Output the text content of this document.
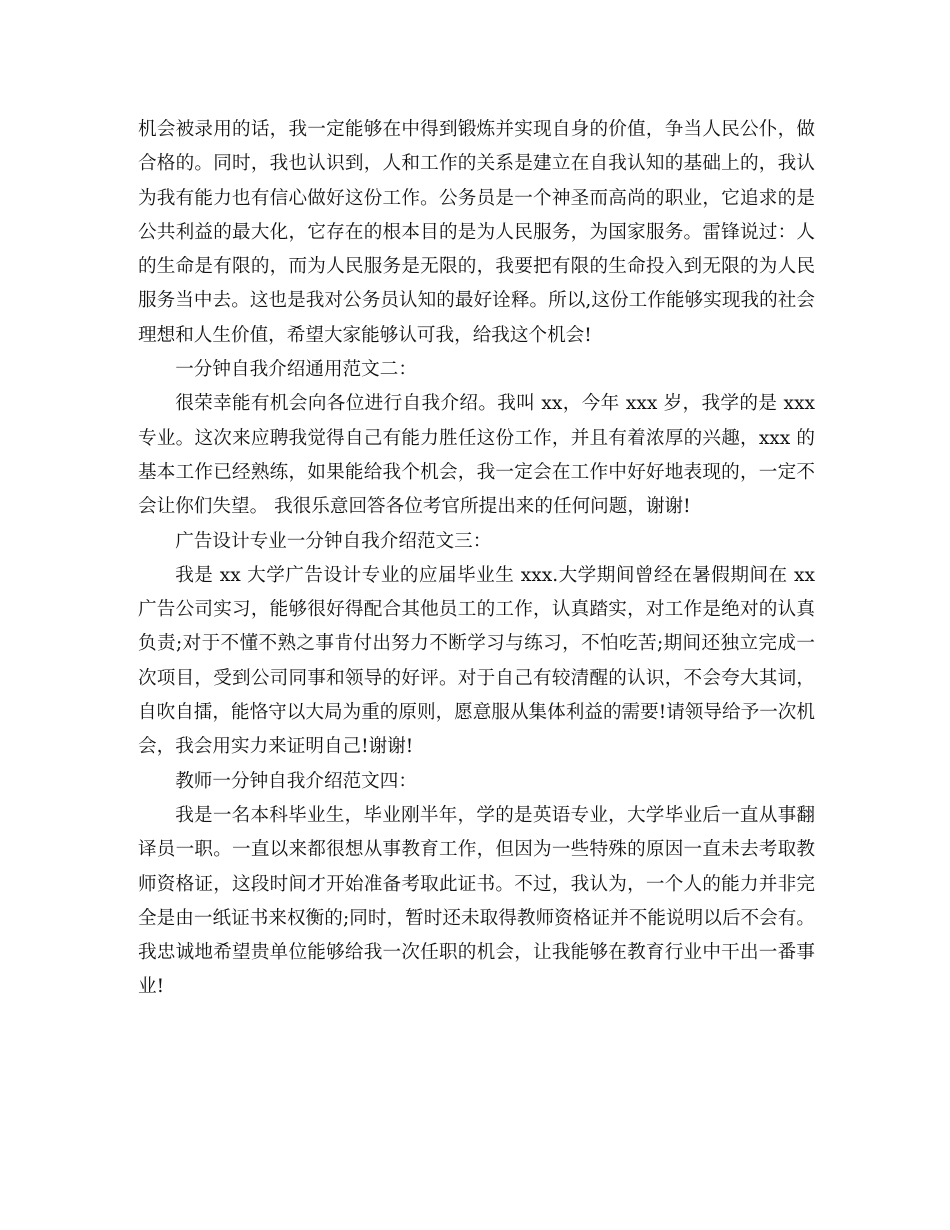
机会被录用的话，我一定能够在中得到锻炼并实现自身的价值，争当人民公仆，做合格的。同时，我也认识到，人和工作的关系是建立在自我认知的基础上的，我认为我有能力也有信心做好这份工作。公务员是一个神圣而高尚的职业，它追求的是公共利益的最大化，它存在的根本目的是为人民服务，为国家服务。雷锋说过：人的生命是有限的，而为人民服务是无限的，我要把有限的生命投入到无限的为人民服务当中去。这也是我对公务员认知的最好诠释。所以,这份工作能够实现我的社会理想和人生价值，希望大家能够认可我，给我这个机会!

一分钟自我介绍通用范文二：

很荣幸能有机会向各位进行自我介绍。我叫 xx，今年 xxx 岁，我学的是 xxx 专业。这次来应聘我觉得自己有能力胜任这份工作，并且有着浓厚的兴趣，xxx 的基本工作已经熟练，如果能给我个机会，我一定会在工作中好好地表现的，一定不会让你们失望。 我很乐意回答各位考官所提出来的任何问题，谢谢!

广告设计专业一分钟自我介绍范文三：

我是 xx 大学广告设计专业的应届毕业生 xxx.大学期间曾经在暑假期间在 xx 广告公司实习，能够很好得配合其他员工的工作，认真踏实，对工作是绝对的认真负责;对于不懂不熟之事肯付出努力不断学习与练习，不怕吃苦;期间还独立完成一次项目，受到公司同事和领导的好评。对于自己有较清醒的认识，不会夸大其词，自吹自擂，能恪守以大局为重的原则，愿意服从集体利益的需要!请领导给予一次机会，我会用实力来证明自己!谢谢!

教师一分钟自我介绍范文四：

我是一名本科毕业生，毕业刚半年，学的是英语专业，大学毕业后一直从事翻译员一职。一直以来都很想从事教育工作，但因为一些特殊的原因一直未去考取教师资格证，这段时间才开始准备考取此证书。不过，我认为，一个人的能力并非完全是由一纸证书来权衡的;同时，暂时还未取得教师资格证并不能说明以后不会有。我忠诚地希望贵单位能够给我一次任职的机会，让我能够在教育行业中干出一番事业!
